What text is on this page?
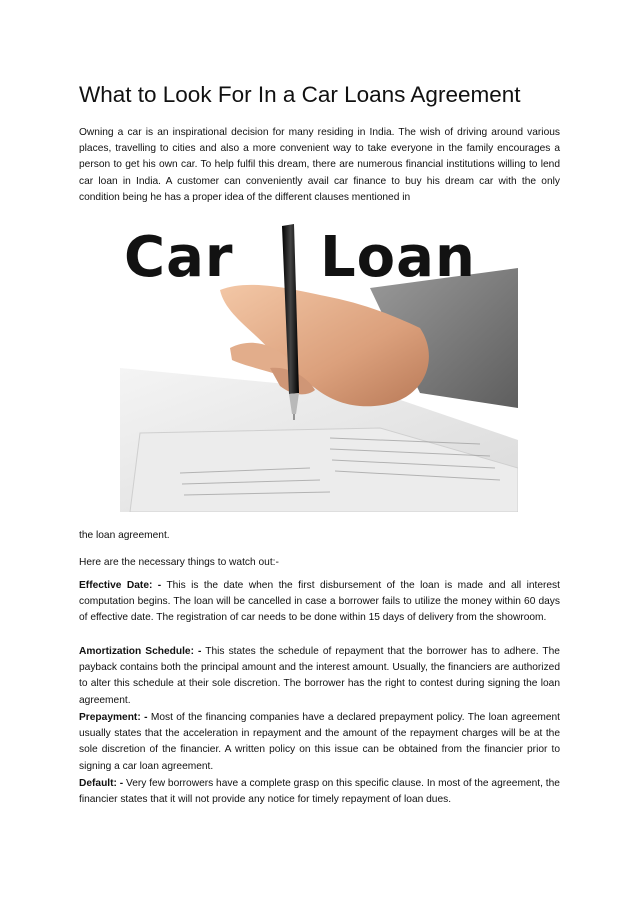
What to Look For In a Car Loans Agreement

Owning a car is an inspirational decision for many residing in India. The wish of driving around various places, travelling to cities and also a more convenient way to take everyone in the family encourages a person to get his own car. To help fulfil this dream, there are numerous financial institutions willing to lend car loan in India. A customer can conveniently avail car finance to buy his dream car with the only condition being he has a proper idea of the different clauses mentioned in

Car Loan

the loan agreement.

Here are the necessary things to watch out:-

Effective Date: - This is the date when the first disbursement of the loan is made and all interest computation begins. The loan will be cancelled in case a borrower fails to utilize the money within 60 days of effective date. The registration of car needs to be done within 15 days of delivery from the showroom.

Amortization Schedule: - This states the schedule of repayment that the borrower has to adhere. The payback contains both the principal amount and the interest amount. Usually, the financiers are authorized to alter this schedule at their sole discretion. The borrower has the right to contest during signing the loan agreement.

Prepayment: - Most of the financing companies have a declared prepayment policy. The loan agreement usually states that the acceleration in repayment and the amount of the repayment charges will be at the sole discretion of the financier. A written policy on this issue can be obtained from the financier prior to signing a car loan agreement.

Default: - Very few borrowers have a complete grasp on this specific clause. In most of the agreement, the financier states that it will not provide any notice for timely repayment of loan dues.
